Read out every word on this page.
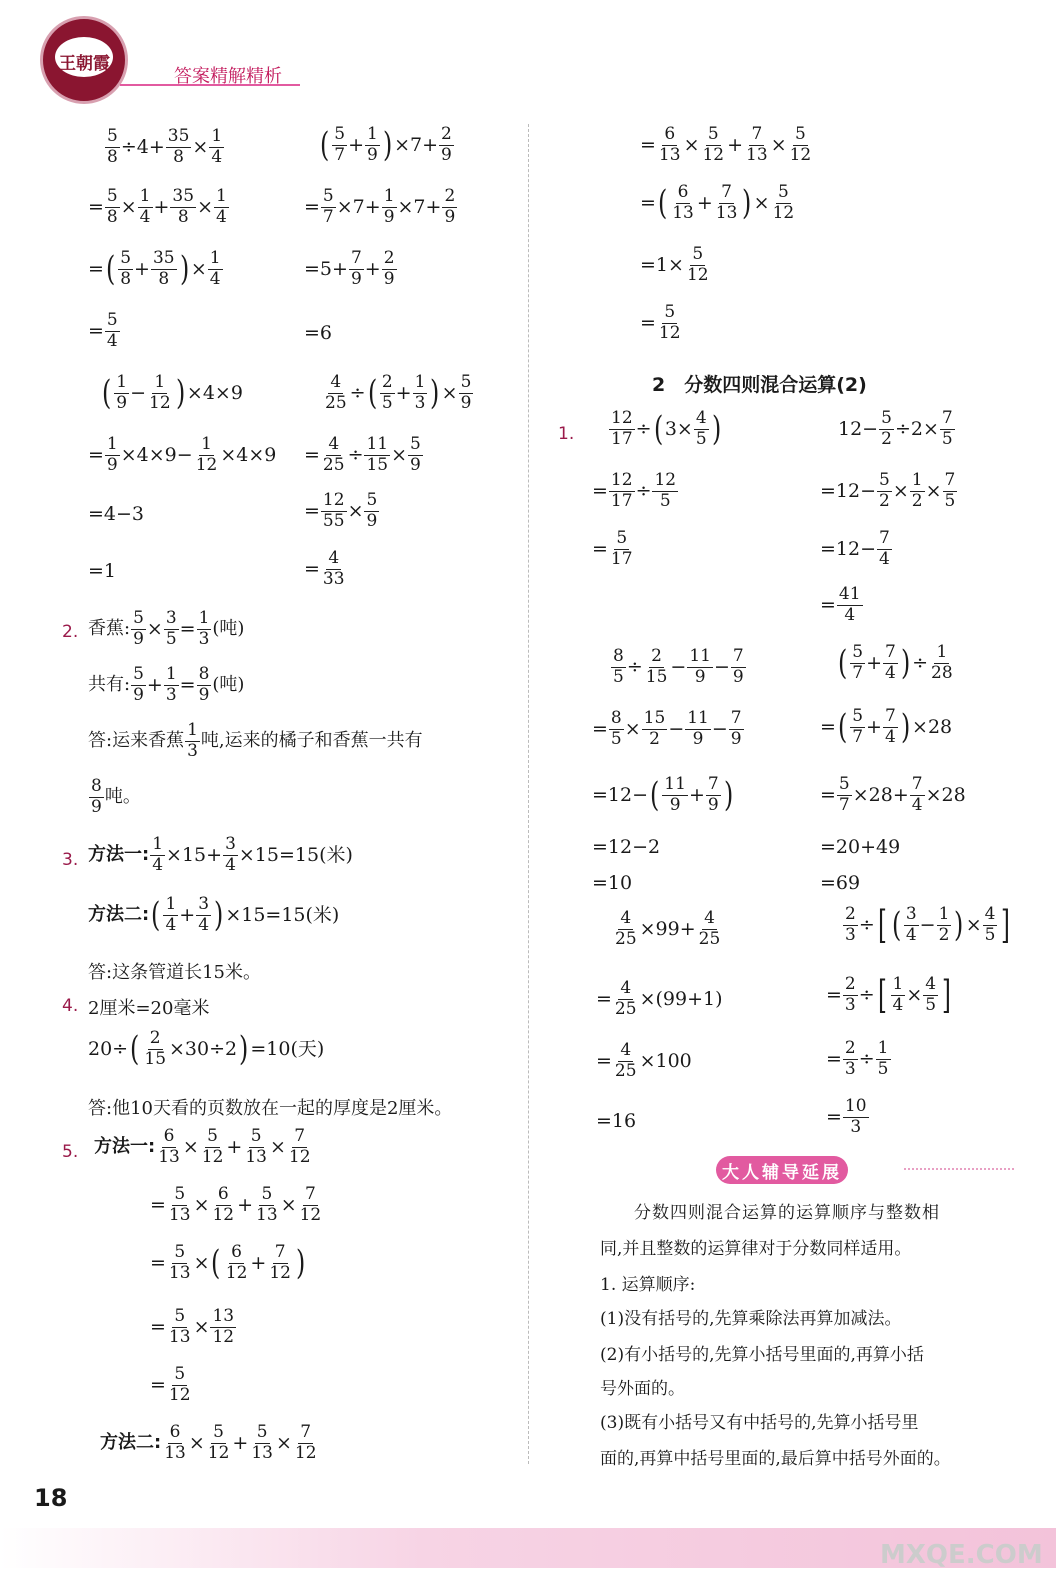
王朝霞
答案精解精析
$\frac{5}{8} \div 4+ \frac{35}{8} \times \frac{1}{4}$
= $\frac{5}{8} \times \frac{1}{4} + \frac{35}{8} \times \frac{1}{4}$
= ( $\frac{5}{8} + \frac{35}{8}$ ) × $\frac{1}{4}$
= $\frac{5}{4}$
( $\frac{1}{9} - \frac{1}{12}$ ) ×4×9
= $\frac{1}{9} \times 4\times 9- \frac{1}{12} \times 4\times 9$
=4−3
=1
( $\frac{5}{7} + \frac{1}{9}$ ) $\times 7+ \frac{2}{9}$
= $\frac{5}{7} \times 7+ \frac{1}{9} \times 7+ \frac{2}{9}$
$=5+ \frac{7}{9} + \frac{2}{9}$
=6
$\frac{4}{25}$ ÷ ( $\frac{2}{5} + \frac{1}{3}$ ) × $\frac{5}{9}$
= $\frac{4}{25} \div \frac{11}{15} \times \frac{5}{9}$
= $\frac{12}{55} \times \frac{5}{9}$
= $\frac{4}{33}$
2. 香蕉: $\frac{5}{9} \times \frac{3}{5} = \frac{1}{3}$ (吨)
共有: $\frac{5}{9} + \frac{1}{3} = \frac{8}{9}$ (吨)
答:运来香蕉 $\frac{1}{3}$ 吨,运来的橘子和香蕉一共有
$\frac{8}{9}$ 吨。
3. 方法一: $\frac{1}{4} \times 15+ \frac{3}{4} \times 15=15$(米)
方法二: ( $\frac{1}{4} + \frac{3}{4}$ ) ×15=15(米)
答:这条管道长15米。
4. 2厘米=20毫米
20÷ ( $\frac{2}{15} \times 30\div 2$ ) =10(天)
答:他10天看的页数放在一起的厚度是2厘米。
5. 方法一: $\frac{6}{13} \times \frac{5}{12} + \frac{5}{13} \times \frac{7}{12}$
= $\frac{5}{13} \times \frac{6}{12} + \frac{5}{13} \times \frac{7}{12}$
= $\frac{5}{13}$ × ( $\frac{6}{12} + \frac{7}{12}$ )
= $\frac{5}{13} \times \frac{13}{12}$
= $\frac{5}{12}$
方法二: $\frac{6}{13} \times \frac{5}{12} + \frac{5}{13} \times \frac{7}{12}$
= $\frac{6}{13} \times \frac{5}{12} + \frac{7}{13} \times \frac{5}{12}$
= ( $\frac{6}{13} + \frac{7}{13}$ ) × $\frac{5}{12}$
$=1\times \frac{5}{12}$
= $\frac{5}{12}$
2　分数四则混合运算(2)
1. $\frac{12}{17}$ ÷ ( $3\times \frac{4}{5}$ )
= $\frac{12}{17} \div \frac{12}{5}$
= $\frac{5}{17}$
$12- \frac{5}{2} \div 2\times \frac{7}{5}$
$=12- \frac{5}{2} \times \frac{1}{2} \times \frac{7}{5}$
$=12- \frac{7}{4}$
= $\frac{41}{4}$
$\frac{8}{5} \div \frac{2}{15} - \frac{11}{9} - \frac{7}{9}$
= $\frac{8}{5} \times \frac{15}{2} - \frac{11}{9} - \frac{7}{9}$
=12− ( $\frac{11}{9} + \frac{7}{9}$ )
=12−2
=10
( $\frac{5}{7} + \frac{7}{4}$ ) ÷ $\frac{1}{28}$
= ( $\frac{5}{7} + \frac{7}{4}$ ) ×28
= $\frac{5}{7} \times 28+ \frac{7}{4} \times 28$
=20+49
=69
$\frac{4}{25} \times 99+ \frac{4}{25}$
= $\frac{4}{25} \times(99+1)$
= $\frac{4}{25} \times 100$
=16
$\frac{2}{3}$ ÷ [ ( $\frac{3}{4} - \frac{1}{2}$ ) × $\frac{4}{5}$ ]
= $\frac{2}{3}$ ÷ [ $\frac{1}{4} \times \frac{4}{5}$ ]
= $\frac{2}{3} \div \frac{1}{5}$
= $\frac{10}{3}$
大人辅导延展
分数四则混合运算的运算顺序与整数相
同,并且整数的运算律对于分数同样适用。
1. 运算顺序:
(1)没有括号的,先算乘除法再算加减法。
(2)有小括号的,先算小括号里面的,再算小括
号外面的。
(3)既有小括号又有中括号的,先算小括号里
面的,再算中括号里面的,最后算中括号外面的。
18
MXQE.COM
